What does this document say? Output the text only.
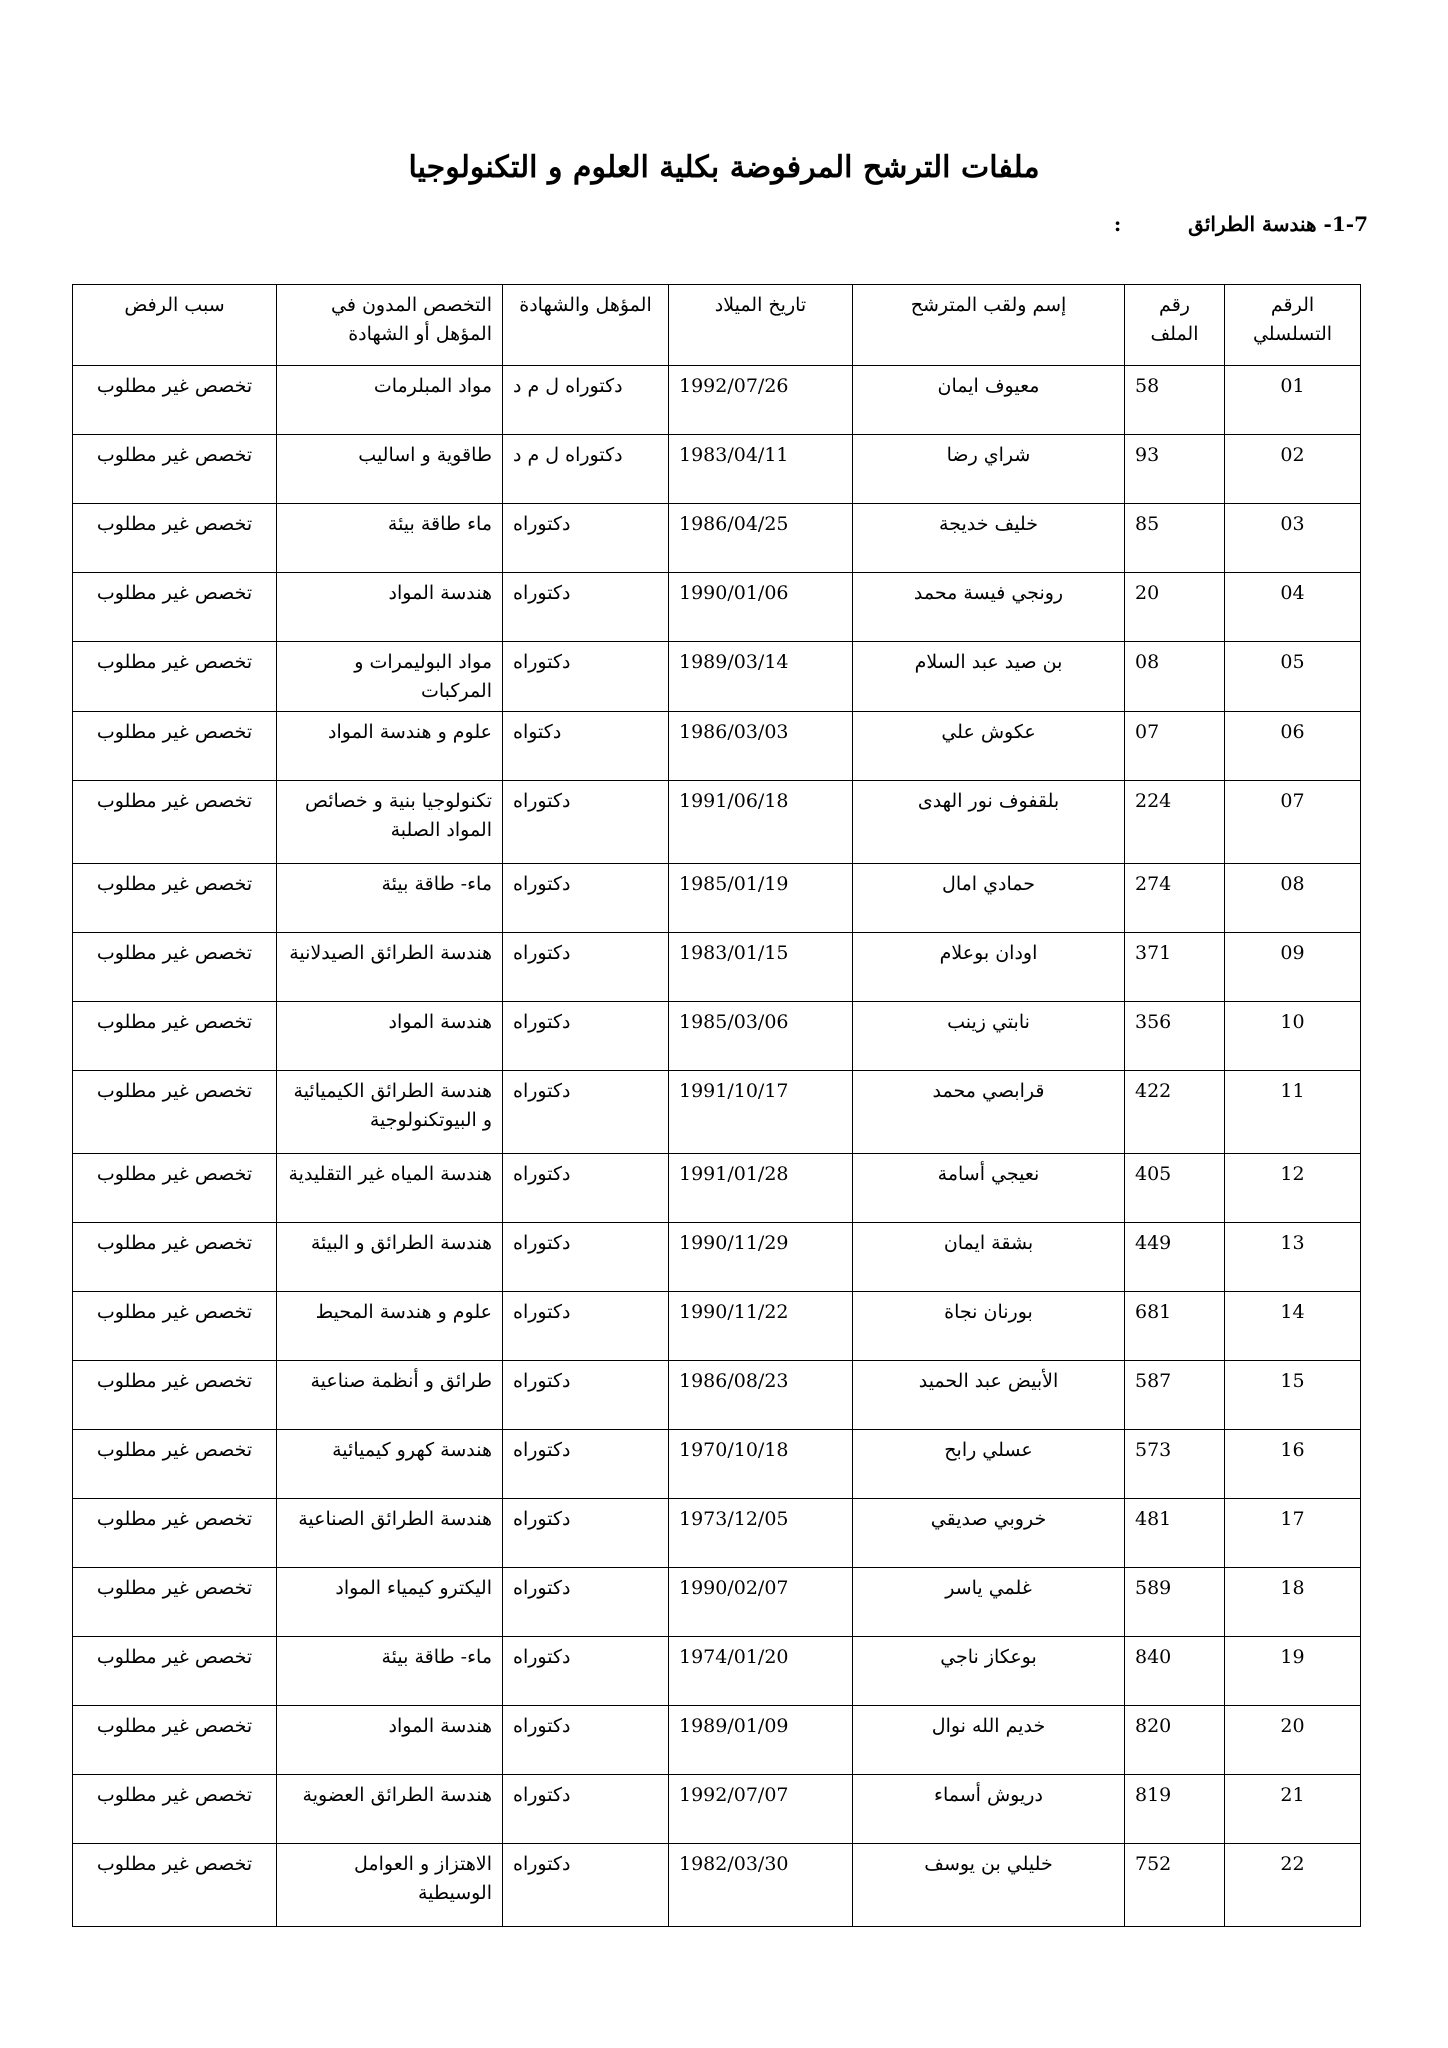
ملفات الترشح المرفوضة بكلية العلوم و التكنولوجيا
1-7- هندسة الطرائق :
الرقم التسلسلي	رقم الملف	إسم ولقب المترشح	تاريخ الميلاد	المؤهل والشهادة	التخصص المدون في المؤهل أو الشهادة	سبب الرفض
01	58	معيوف ايمان	1992/07/26	دكتوراه ل م د	مواد المبلرمات	تخصص غير مطلوب
02	93	شراي رضا	1983/04/11	دكتوراه ل م د	طاقوية و اساليب	تخصص غير مطلوب
03	85	خليف خديجة	1986/04/25	دكتوراه	ماء طاقة بيئة	تخصص غير مطلوب
04	20	رونجي فيسة محمد	1990/01/06	دكتوراه	هندسة المواد	تخصص غير مطلوب
05	08	بن صيد عبد السلام	1989/03/14	دكتوراه	مواد البوليمرات و المركبات	تخصص غير مطلوب
06	07	عكوش علي	1986/03/03	دكتواه	علوم و هندسة المواد	تخصص غير مطلوب
07	224	بلقفوف نور الهدى	1991/06/18	دكتوراه	تكنولوجيا بنية و خصائص المواد الصلبة	تخصص غير مطلوب
08	274	حمادي امال	1985/01/19	دكتوراه	ماء- طاقة بيئة	تخصص غير مطلوب
09	371	اودان بوعلام	1983/01/15	دكتوراه	هندسة الطرائق الصيدلانية	تخصص غير مطلوب
10	356	نابتي زينب	1985/03/06	دكتوراه	هندسة المواد	تخصص غير مطلوب
11	422	قرابصي محمد	1991/10/17	دكتوراه	هندسة الطرائق الكيميائية و البيوتكنولوجية	تخصص غير مطلوب
12	405	نعيجي أسامة	1991/01/28	دكتوراه	هندسة المياه غير التقليدية	تخصص غير مطلوب
13	449	بشقة ايمان	1990/11/29	دكتوراه	هندسة الطرائق و البيئة	تخصص غير مطلوب
14	681	بورنان نجاة	1990/11/22	دكتوراه	علوم و هندسة المحيط	تخصص غير مطلوب
15	587	الأبيض عبد الحميد	1986/08/23	دكتوراه	طرائق و أنظمة صناعية	تخصص غير مطلوب
16	573	عسلي رابح	1970/10/18	دكتوراه	هندسة كهرو كيميائية	تخصص غير مطلوب
17	481	خروبي صديقي	1973/12/05	دكتوراه	هندسة الطرائق الصناعية	تخصص غير مطلوب
18	589	غلمي ياسر	1990/02/07	دكتوراه	اليكترو كيمياء المواد	تخصص غير مطلوب
19	840	بوعكاز ناجي	1974/01/20	دكتوراه	ماء- طاقة بيئة	تخصص غير مطلوب
20	820	خديم الله نوال	1989/01/09	دكتوراه	هندسة المواد	تخصص غير مطلوب
21	819	دريوش أسماء	1992/07/07	دكتوراه	هندسة الطرائق العضوية	تخصص غير مطلوب
22	752	خليلي بن يوسف	1982/03/30	دكتوراه	الاهتزاز و العوامل الوسيطية	تخصص غير مطلوب
